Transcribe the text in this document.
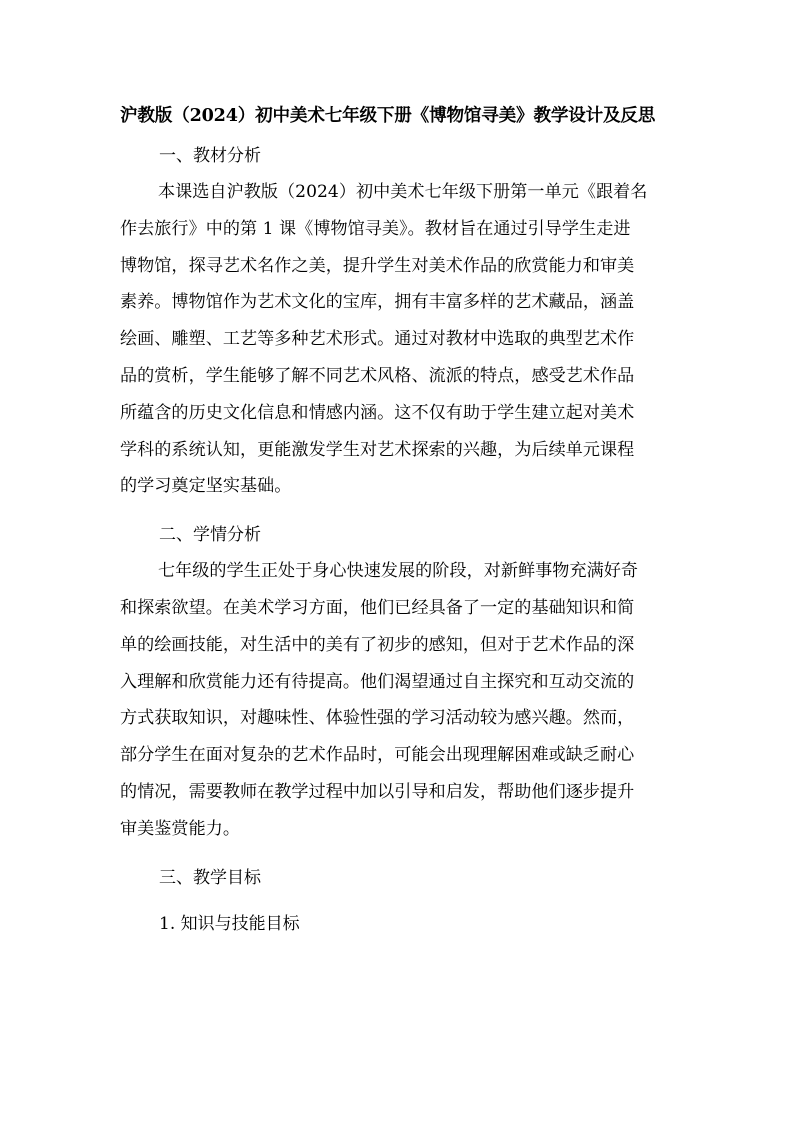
沪教版（2024）初中美术七年级下册《博物馆寻美》教学设计及反思
一、教材分析

本课选自沪教版（2024）初中美术七年级下册第一单元《跟着名
作去旅行》中的第 1 课《博物馆寻美》。教材旨在通过引导学生走进
博物馆，探寻艺术名作之美，提升学生对美术作品的欣赏能力和审美
素养。博物馆作为艺术文化的宝库，拥有丰富多样的艺术藏品，涵盖
绘画、雕塑、工艺等多种艺术形式。通过对教材中选取的典型艺术作
品的赏析，学生能够了解不同艺术风格、流派的特点，感受艺术作品
所蕴含的历史文化信息和情感内涵。这不仅有助于学生建立起对美术
学科的系统认知，更能激发学生对艺术探索的兴趣，为后续单元课程
的学习奠定坚实基础。

二、学情分析

七年级的学生正处于身心快速发展的阶段，对新鲜事物充满好奇
和探索欲望。在美术学习方面，他们已经具备了一定的基础知识和简
单的绘画技能，对生活中的美有了初步的感知，但对于艺术作品的深
入理解和欣赏能力还有待提高。他们渴望通过自主探究和互动交流的
方式获取知识，对趣味性、体验性强的学习活动较为感兴趣。然而，
部分学生在面对复杂的艺术作品时，可能会出现理解困难或缺乏耐心
的情况，需要教师在教学过程中加以引导和启发，帮助他们逐步提升
审美鉴赏能力。

三、教学目标
1. 知识与技能目标
